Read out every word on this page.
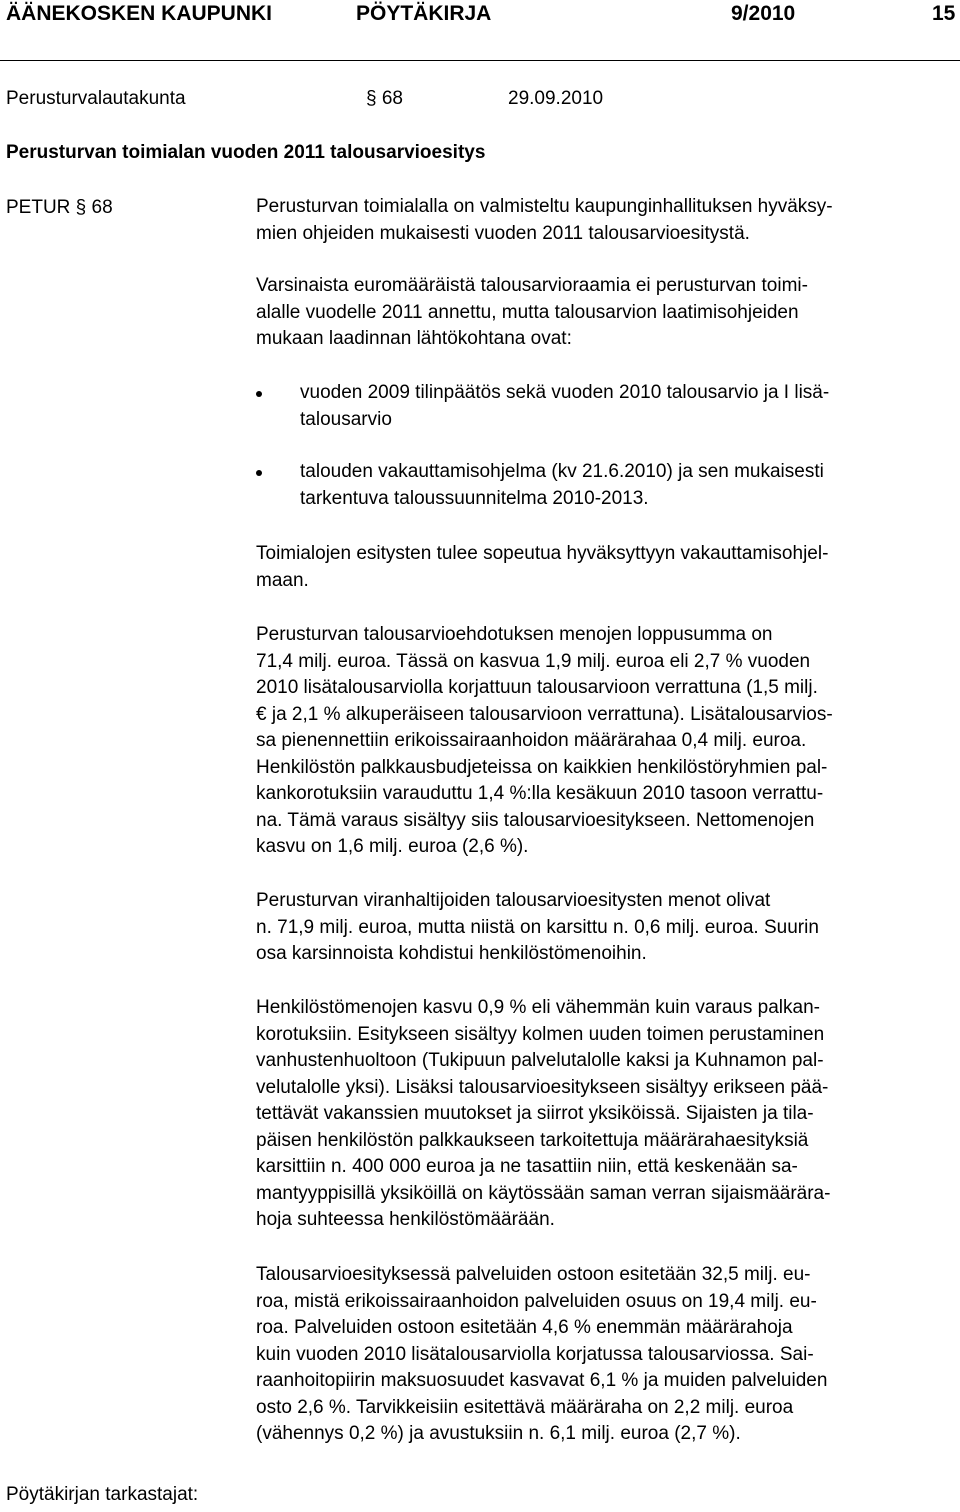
ÄÄNEKOSKEN KAUPUNKI	PÖYTÄKIRJA	9/2010	15
Perusturvalautakunta	§ 68	29.09.2010
Perusturvan toimialan vuoden 2011 talousarvioesitys
PETUR § 68	Perusturvan toimialalla on valmisteltu kaupunginhallituksen hyväksy-

mien ohjeiden mukaisesti vuoden 2011 talousarvioesitystä.

Varsinaista euromääräistä talousarvioraamia ei perusturvan toimi-

alalle vuodelle 2011 annettu, mutta talousarvion laatimisohjeiden

mukaan laadinnan lähtökohtana ovat:

vuoden 2009 tilinpäätös sekä vuoden 2010 talousarvio ja I lisä-
talousarvio
talouden vakauttamisohjelma (kv 21.6.2010) ja sen mukaisesti
tarkentuva taloussuunnitelma 2010-2013.

Toimialojen esitysten tulee sopeutua hyväksyttyyn vakauttamisohjel-

maan.

Perusturvan talousarvioehdotuksen menojen loppusumma on

71,4 milj. euroa. Tässä on kasvua 1,9 milj. euroa eli 2,7 % vuoden

2010 lisätalousarviolla korjattuun talousarvioon verrattuna (1,5 milj.

€ ja 2,1 % alkuperäiseen talousarvioon verrattuna). Lisätalousarvios-

sa pienennettiin erikoissairaanhoidon määrärahaa 0,4 milj. euroa.

Henkilöstön palkkausbudjeteissa on kaikkien henkilöstöryhmien pal-

kankorotuksiin varauduttu 1,4 %:lla kesäkuun 2010 tasoon verrattu-

na. Tämä varaus sisältyy siis talousarvioesitykseen. Nettomenojen

kasvu on 1,6 milj. euroa (2,6 %).

Perusturvan viranhaltijoiden talousarvioesitysten menot olivat

n. 71,9 milj. euroa, mutta niistä on karsittu n. 0,6 milj. euroa. Suurin

osa karsinnoista kohdistui henkilöstömenoihin.

Henkilöstömenojen kasvu 0,9 % eli vähemmän kuin varaus palkan-

korotuksiin. Esitykseen sisältyy kolmen uuden toimen perustaminen

vanhustenhuoltoon (Tukipuun palvelutalolle kaksi ja Kuhnamon pal-

velutalolle yksi). Lisäksi talousarvioesitykseen sisältyy erikseen pää-

tettävät vakanssien muutokset ja siirrot yksiköissä. Sijaisten ja tila-

päisen henkilöstön palkkaukseen tarkoitettuja määrärahaesityksiä

karsittiin n. 400 000 euroa ja ne tasattiin niin, että keskenään sa-

mantyyppisillä yksiköillä on käytössään saman verran sijaismäärära-

hoja suhteessa henkilöstömäärään.

Talousarvioesityksessä palveluiden ostoon esitetään 32,5 milj. eu-

roa, mistä erikoissairaanhoidon palveluiden osuus on 19,4 milj. eu-

roa. Palveluiden ostoon esitetään 4,6 % enemmän määrärahoja

kuin vuoden 2010 lisätalousarviolla korjatussa talousarviossa. Sai-

raanhoitopiirin maksuosuudet kasvavat 6,1 % ja muiden palveluiden

osto 2,6 %. Tarvikkeisiin esitettävä määräraha on 2,2 milj. euroa

(vähennys 0,2 %) ja avustuksiin n. 6,1 milj. euroa (2,7 %).

Pöytäkirjan tarkastajat:
